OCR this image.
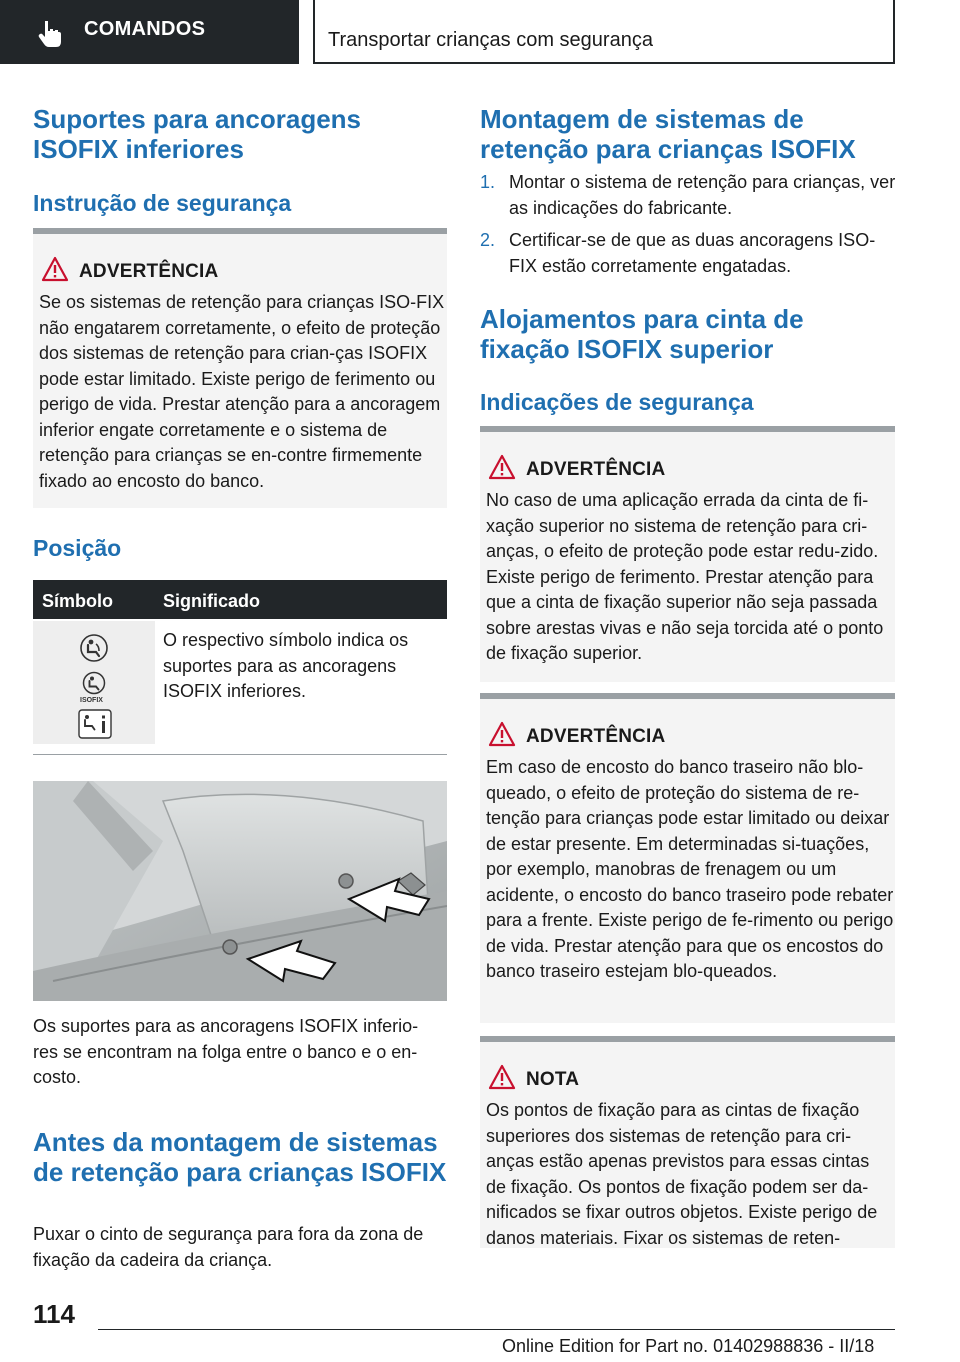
COMANDOS	Transportar crianças com segurança
Suportes para ancoragens ISOFIX inferiores
Instrução de segurança
ADVERTÊNCIA
Se os sistemas de retenção para crianças ISO-FIX não engatarem corretamente, o efeito de proteção dos sistemas de retenção para crian-ças ISOFIX pode estar limitado. Existe perigo de ferimento ou perigo de vida. Prestar atenção para a ancoragem inferior engate corretamente e o sistema de retenção para crianças se en-contre firmemente fixado ao encosto do banco.
Posição
Símbolo	Significado
ISOFIX
O respectivo símbolo indica os suportes para as ancoragens ISOFIX inferiores.
Os suportes para as ancoragens ISOFIX inferio-res se encontram na folga entre o banco e o en-costo.
Antes da montagem de sistemas de retenção para crianças ISOFIX
Puxar o cinto de segurança para fora da zona de fixação da cadeira da criança.
Montagem de sistemas de retenção para crianças ISOFIX
1. Montar o sistema de retenção para crianças, ver as indicações do fabricante.
2. Certificar-se de que as duas ancoragens ISO-FIX estão corretamente engatadas.
Alojamentos para cinta de fixação ISOFIX superior
Indicações de segurança
ADVERTÊNCIA
No caso de uma aplicação errada da cinta de fi-xação superior no sistema de retenção para cri-anças, o efeito de proteção pode estar redu-zido. Existe perigo de ferimento. Prestar atenção para que a cinta de fixação superior não seja passada sobre arestas vivas e não seja torcida até o ponto de fixação superior.
ADVERTÊNCIA
Em caso de encosto do banco traseiro não blo-queado, o efeito de proteção do sistema de re-tenção para crianças pode estar limitado ou deixar de estar presente. Em determinadas si-tuações, por exemplo, manobras de frenagem ou um acidente, o encosto do banco traseiro pode rebater para a frente. Existe perigo de fe-rimento ou perigo de vida. Prestar atenção para que os encostos do banco traseiro estejam blo-queados.
NOTA
Os pontos de fixação para as cintas de fixação superiores dos sistemas de retenção para cri-anças estão apenas previstos para essas cintas de fixação. Os pontos de fixação podem ser da-nificados se fixar outros objetos. Existe perigo de danos materiais. Fixar os sistemas de reten-
114
Online Edition for Part no. 01402988836 - II/18
